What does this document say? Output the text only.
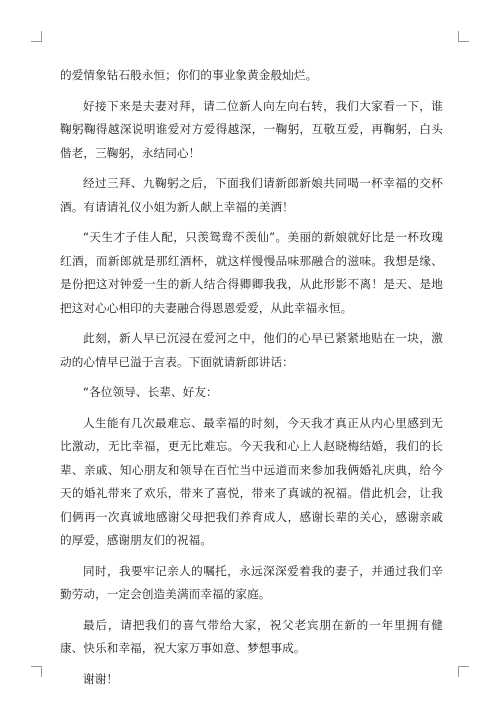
的爱情象钻石般永恒；你们的事业象黄金般灿烂。

好接下来是夫妻对拜，请二位新人向左向右转，我们大家看一下，谁鞠躬鞠得越深说明谁爱对方爱得越深，一鞠躬，互敬互爱，再鞠躬，白头偕老，三鞠躬，永结同心！

经过三拜、九鞠躬之后，下面我们请新郎新娘共同喝一杯幸福的交杯酒。有请请礼仪小姐为新人献上幸福的美酒！

“天生才子佳人配，只羡鸳鸯不羡仙”。美丽的新娘就好比是一杯玫瑰红酒，而新郎就是那红酒杯，就这样慢慢品味那融合的滋味。我想是缘、是份把这对钟爱一生的新人结合得卿卿我我，从此形影不离！是天、是地把这对心心相印的夫妻融合得恩恩爱爱，从此幸福永恒。

此刻，新人早已沉浸在爱河之中，他们的心早已紧紧地贴在一块，激动的心情早已溢于言表。下面就请新郎讲话：

“各位领导、长辈、好友：

人生能有几次最难忘、最幸福的时刻，今天我才真正从内心里感到无比激动，无比幸福，更无比难忘。今天我和心上人赵晓梅结婚，我们的长辈、亲戚、知心朋友和领导在百忙当中远道而来参加我俩婚礼庆典，给今天的婚礼带来了欢乐，带来了喜悦，带来了真诚的祝福。借此机会，让我们俩再一次真诚地感谢父母把我们养育成人，感谢长辈的关心，感谢亲戚的厚爱，感谢朋友们的祝福。

同时，我要牢记亲人的嘱托，永远深深爱着我的妻子，并通过我们辛勤劳动，一定会创造美满而幸福的家庭。

最后，请把我们的喜气带给大家，祝父老宾朋在新的一年里拥有健康、快乐和幸福，祝大家万事如意、梦想事成。

谢谢！
